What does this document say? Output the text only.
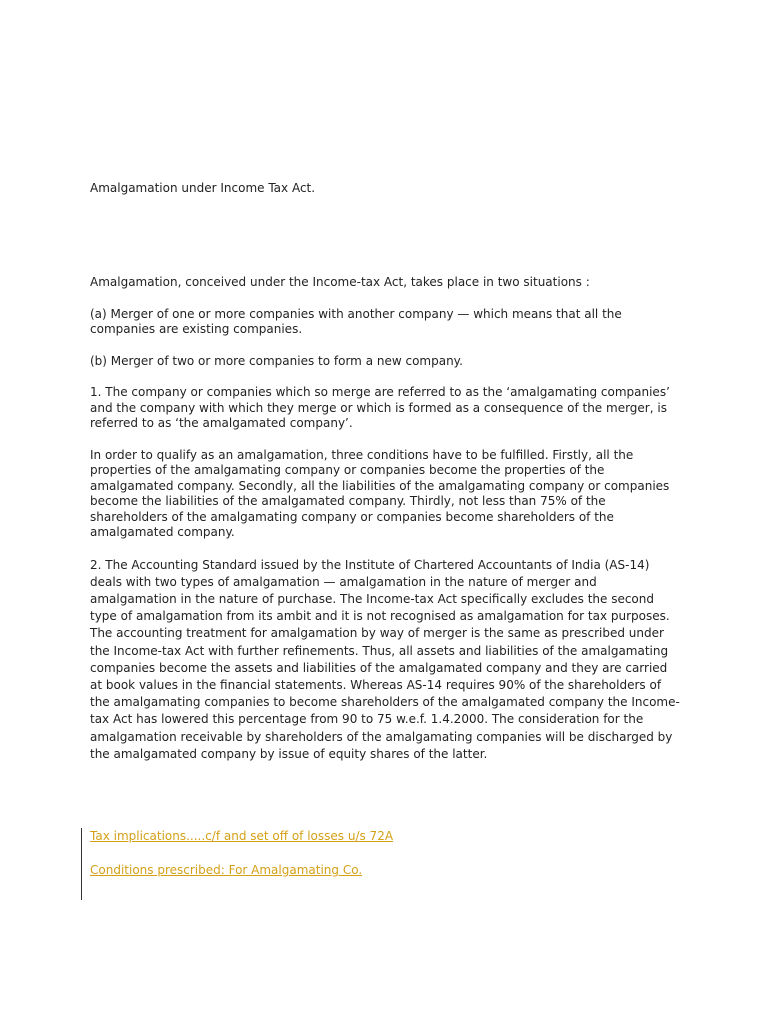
Amalgamation under Income Tax Act.

Amalgamation, conceived under the Income-tax Act, takes place in two situations :

(a) Merger of one or more companies with another company — which means that all the companies are existing companies.

(b) Merger of two or more companies to form a new company.

1. The company or companies which so merge are referred to as the ‘amalgamating companies’ and the company with which they merge or which is formed as a consequence of the merger, is referred to as ‘the amalgamated company’.

In order to qualify as an amalgamation, three conditions have to be fulfilled. Firstly, all the properties of the amalgamating company or companies become the properties of the amalgamated company. Secondly, all the liabilities of the amalgamating company or companies become the liabilities of the amalgamated company. Thirdly, not less than 75% of the shareholders of the amalgamating company or companies become shareholders of the amalgamated company.

2. The Accounting Standard issued by the Institute of Chartered Accountants of India (AS-14) deals with two types of amalgamation — amalgamation in the nature of merger and amalgamation in the nature of purchase. The Income-tax Act specifically excludes the second type of amalgamation from its ambit and it is not recognised as amalgamation for tax purposes. The accounting treatment for amalgamation by way of merger is the same as prescribed under the Income-tax Act with further refinements. Thus, all assets and liabilities of the amalgamating companies become the assets and liabilities of the amalgamated company and they are carried at book values in the financial statements. Whereas AS-14 requires 90% of the shareholders of the amalgamating companies to become shareholders of the amalgamated company the Income-tax Act has lowered this percentage from 90 to 75 w.e.f. 1.4.2000. The consideration for the amalgamation receivable by shareholders of the amalgamating companies will be discharged by the amalgamated company by issue of equity shares of the latter.

Tax implications.....c/f and set off of losses u/s 72A
Conditions prescribed: For Amalgamating Co.
